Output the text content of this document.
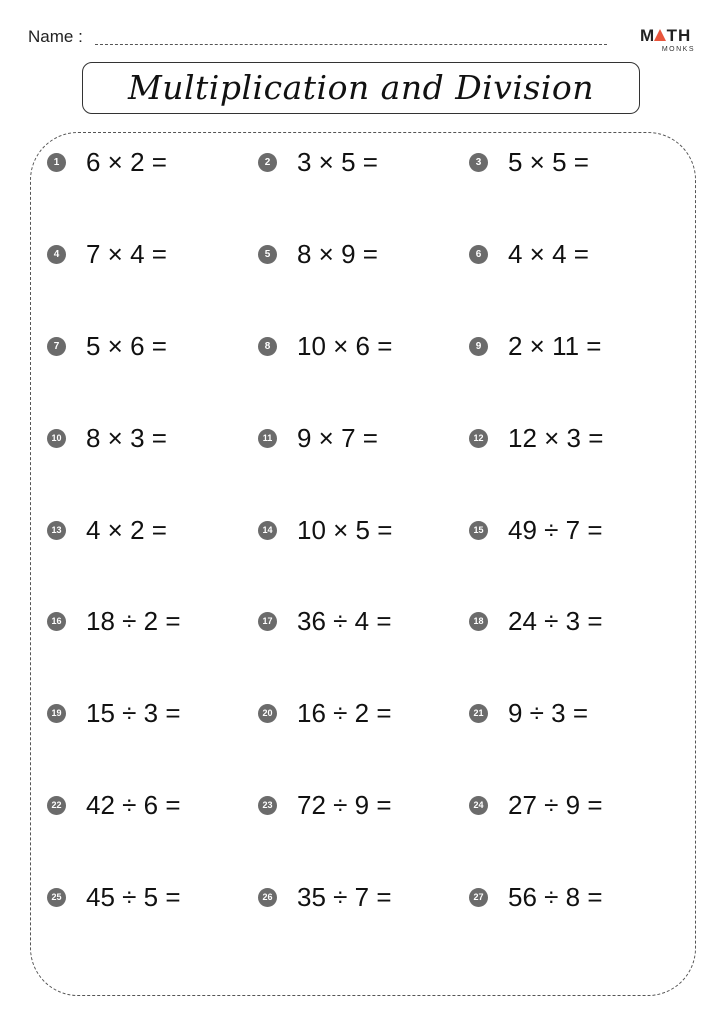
Name :	M  TH
MONKS
Multiplication and Division
1 6 × 2 =	2 3 × 5 =	3 5 × 5 =
4 7 × 4 =	5 8 × 9 =	6 4 × 4 =
7 5 × 6 =	8 10 × 6 =	9 2 × 11 =
10 8 × 3 =	11 9 × 7 =	12 12 × 3 =
13 4 × 2 =	14 10 × 5 =	15 49 ÷ 7 =
16 18 ÷ 2 =	17 36 ÷ 4 =	18 24 ÷ 3 =
19 15 ÷ 3 =	20 16 ÷ 2 =	21 9 ÷ 3 =
22 42 ÷ 6 =	23 72 ÷ 9 =	24 27 ÷ 9 =
25 45 ÷ 5 =	26 35 ÷ 7 =	27 56 ÷ 8 =
